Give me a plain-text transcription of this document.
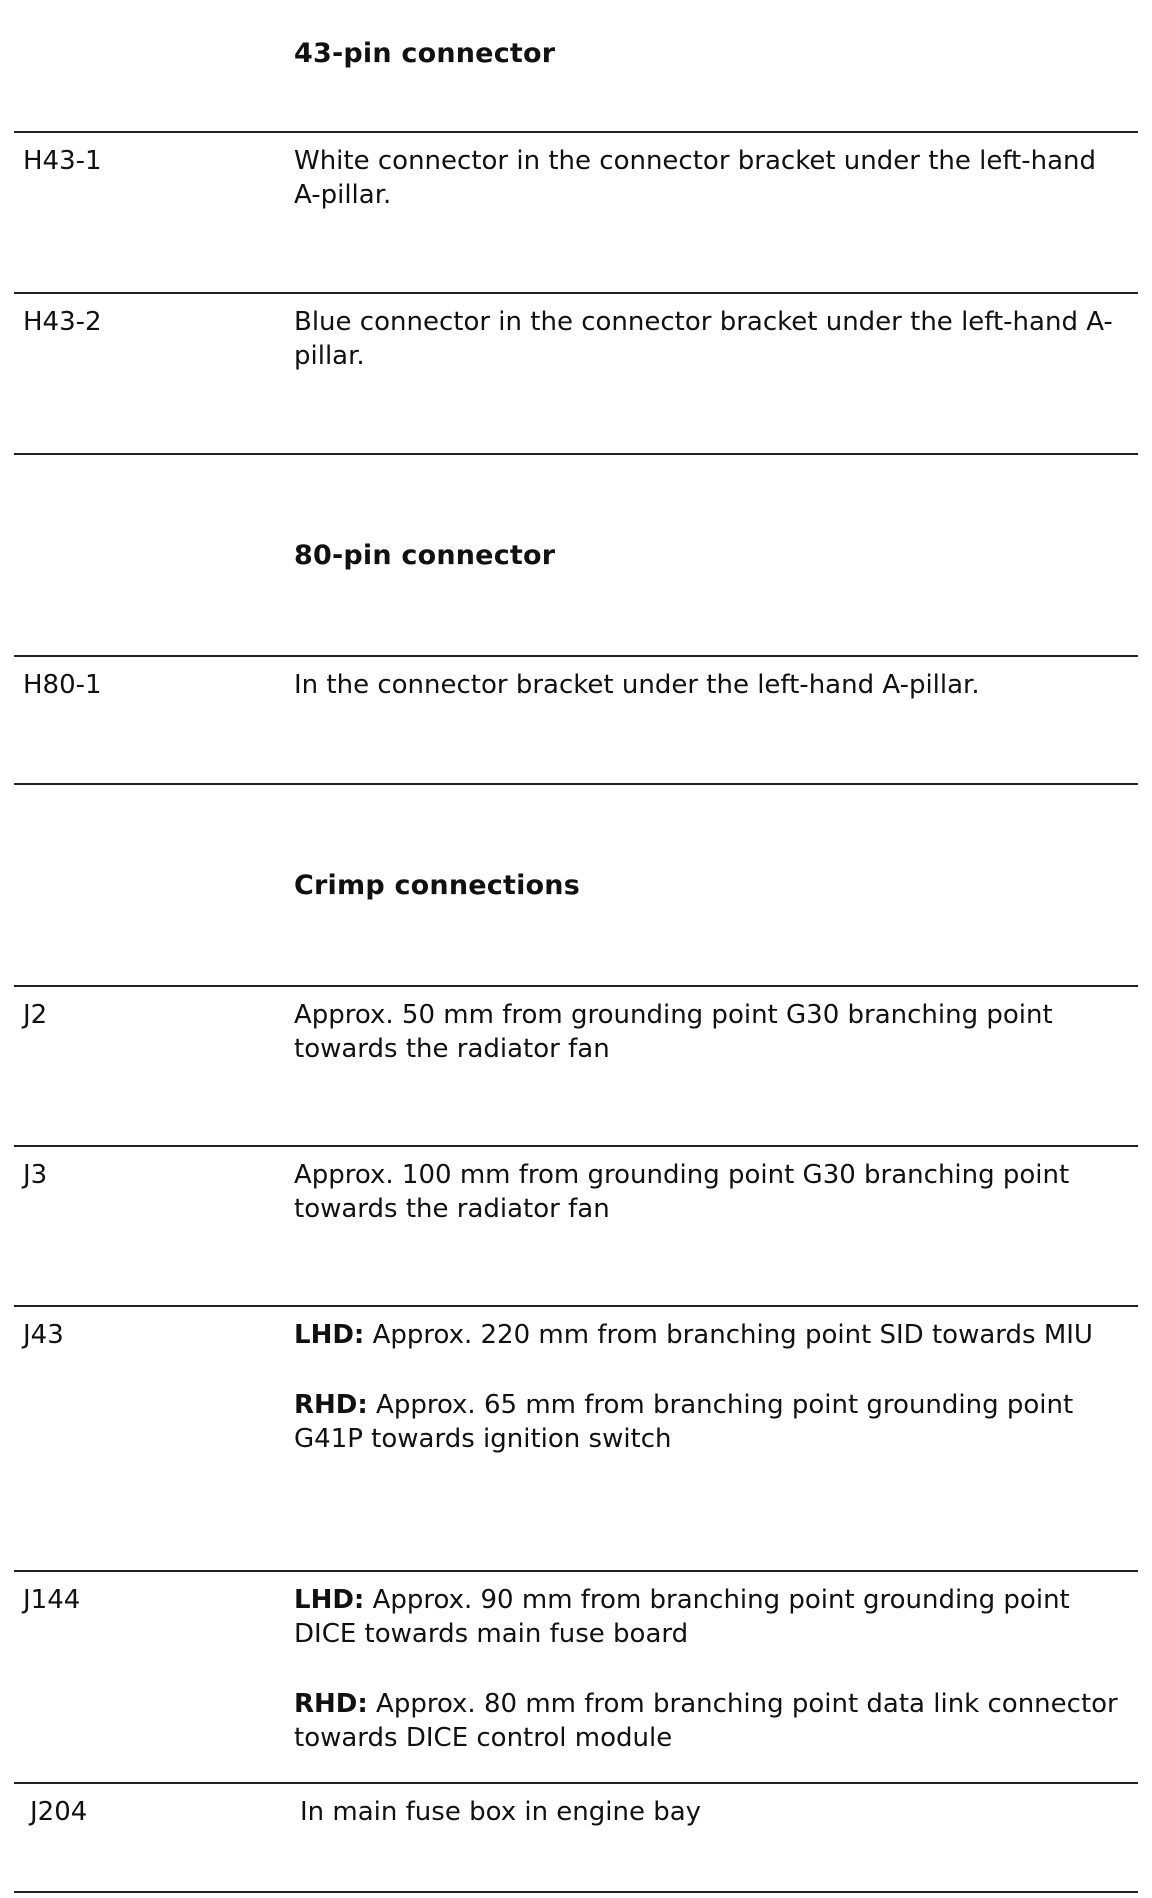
43-pin connector
H43-1	White connector in the connector bracket under the left-hand A-pillar.
H43-2	Blue connector in the connector bracket under the left-hand A-pillar.
80-pin connector
H80-1	In the connector bracket under the left-hand A-pillar.
Crimp connections
J2	Approx. 50 mm from grounding point G30 branching point towards the radiator fan
J3	Approx. 100 mm from grounding point G30 branching point towards the radiator fan
J43	LHD: Approx. 220 mm from branching point SID towards MIU
RHD: Approx. 65 mm from branching point grounding point G41P towards ignition switch
J144	LHD: Approx. 90 mm from branching point grounding point DICE towards main fuse board
RHD: Approx. 80 mm from branching point data link connector towards DICE control module
J204	In main fuse box in engine bay
